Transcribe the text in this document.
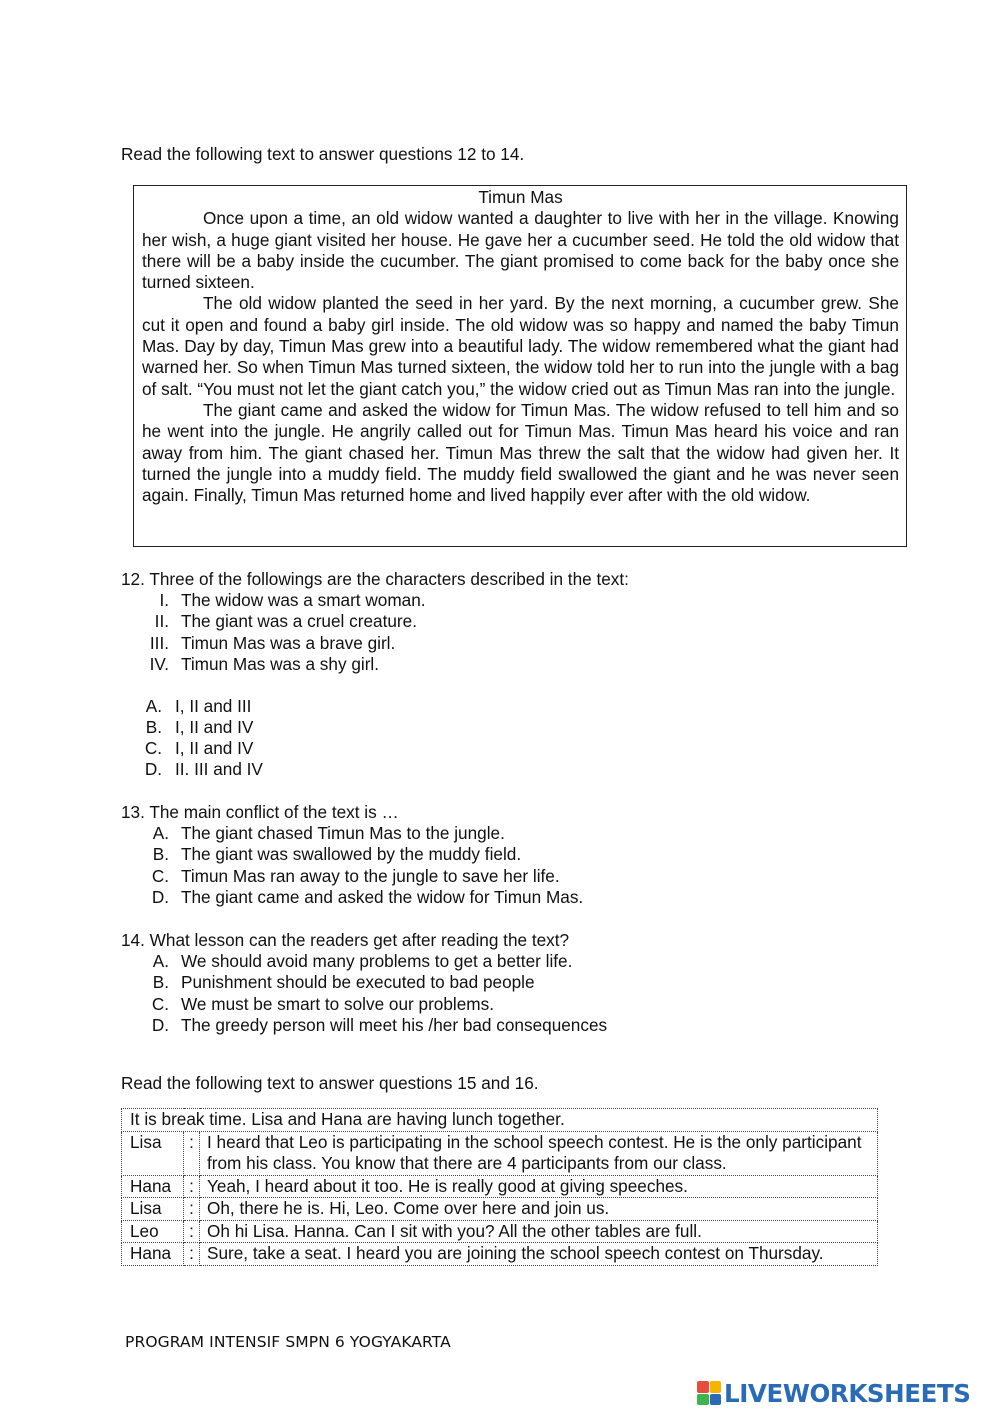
Read the following text to answer questions 12 to 14.
Timun Mas

Once upon a time, an old widow wanted a daughter to live with her in the village. Knowing her wish, a huge giant visited her house. He gave her a cucumber seed. He told the old widow that there will be a baby inside the cucumber. The giant promised to come back for the baby once she turned sixteen.

The old widow planted the seed in her yard. By the next morning, a cucumber grew. She cut it open and found a baby girl inside. The old widow was so happy and named the baby Timun Mas. Day by day, Timun Mas grew into a beautiful lady. The widow remembered what the giant had warned her. So when Timun Mas turned sixteen, the widow told her to run into the jungle with a bag of salt. “You must not let the giant catch you,” the widow cried out as Timun Mas ran into the jungle.

The giant came and asked the widow for Timun Mas. The widow refused to tell him and so he went into the jungle. He angrily called out for Timun Mas. Timun Mas heard his voice and ran away from him. The giant chased her. Timun Mas threw the salt that the widow had given her. It turned the jungle into a muddy field. The muddy field swallowed the giant and he was never seen again. Finally, Timun Mas returned home and lived happily ever after with the old widow.

12. Three of the followings are the characters described in the text:
I. The widow was a smart woman.
II. The giant was a cruel creature.
III. Timun Mas was a brave girl.
IV. Timun Mas was a shy girl.
A. I, II and III
B. I, II and IV
C. I, II and IV
D. II. III and IV
13. The main conflict of the text is …
A. The giant chased Timun Mas to the jungle.
B. The giant was swallowed by the muddy field.
C. Timun Mas ran away to the jungle to save her life.
D. The giant came and asked the widow for Timun Mas.
14. What lesson can the readers get after reading the text?
A. We should avoid many problems to get a better life.
B. Punishment should be executed to bad people
C. We must be smart to solve our problems.
D. The greedy person will meet his /her bad consequences
Read the following text to answer questions 15 and 16.
It is break time. Lisa and Hana are having lunch together.		
Lisa	:	I heard that Leo is participating in the school speech contest. He is the only participant from his class. You know that there are 4 participants from our class.
Hana	:	Yeah, I heard about it too. He is really good at giving speeches.
Lisa	:	Oh, there he is. Hi, Leo. Come over here and join us.
Leo	:	Oh hi Lisa. Hanna. Can I sit with you? All the other tables are full.
Hana	:	Sure, take a seat. I heard you are joining the school speech contest on Thursday.
PROGRAM INTENSIF SMPN 6 YOGYAKARTA
LIVEWORKSHEETS
